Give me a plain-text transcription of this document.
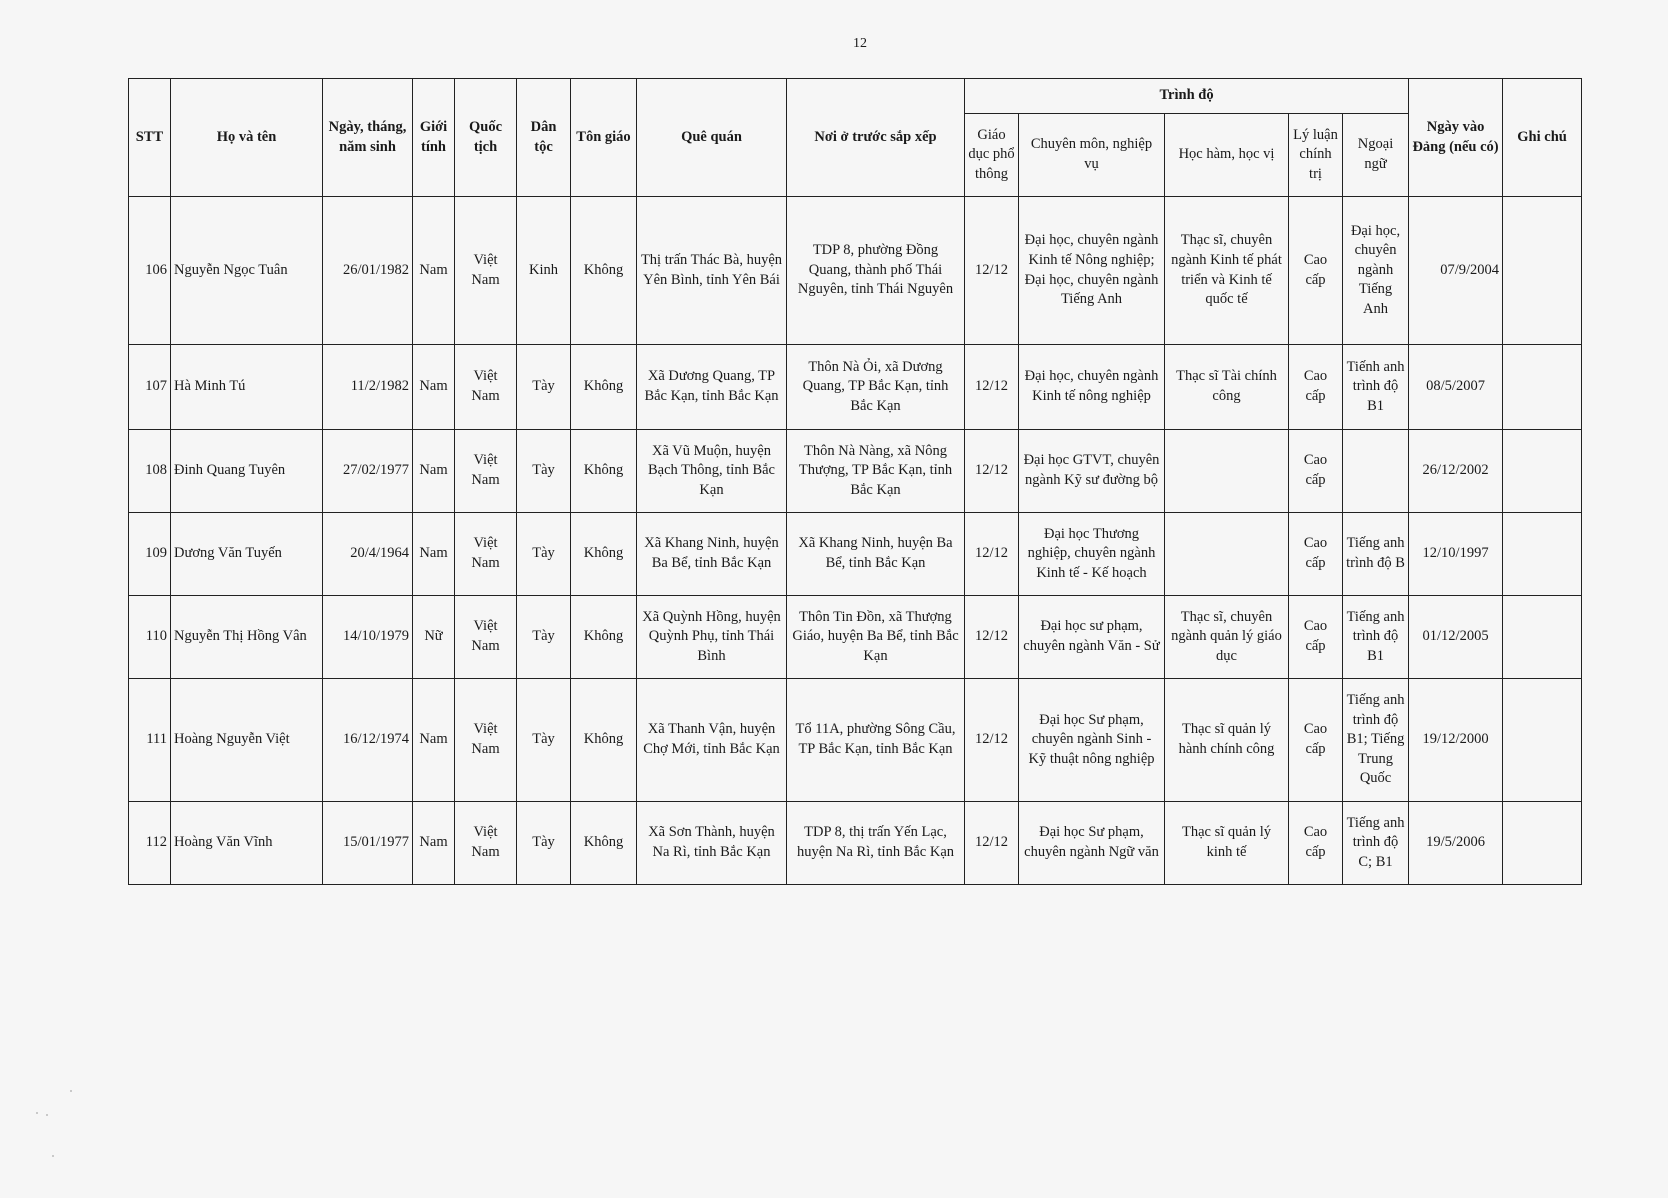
12
STT	Họ và tên	Ngày, tháng, năm sinh	Giới tính	Quốc tịch	Dân tộc	Tôn giáo	Quê quán	Nơi ở trước sắp xếp	Trình độ					Ngày vào Đảng (nếu có)	Ghi chú
									Giáo dục phổ thông	Chuyên môn, nghiệp vụ	Học hàm, học vị	Lý luận chính trị	Ngoại ngữ		
106	Nguyễn Ngọc Tuân	26/01/1982	Nam	Việt Nam	Kinh	Không	Thị trấn Thác Bà, huyện Yên Bình, tỉnh Yên Bái	TDP 8, phường Đồng Quang, thành phố Thái Nguyên, tỉnh Thái Nguyên	12/12	Đại học, chuyên ngành Kinh tế Nông nghiệp; Đại học, chuyên ngành Tiếng Anh	Thạc sĩ, chuyên ngành Kinh tế phát triển và Kinh tế quốc tế	Cao cấp	Đại học, chuyên ngành Tiếng Anh	07/9/2004	
107	Hà Minh Tú	11/2/1982	Nam	Việt Nam	Tày	Không	Xã Dương Quang, TP Bắc Kạn, tỉnh Bắc Kạn	Thôn Nà Ỏi, xã Dương Quang, TP Bắc Kạn, tỉnh Bắc Kạn	12/12	Đại học, chuyên ngành Kinh tế nông nghiệp	Thạc sĩ Tài chính công	Cao cấp	Tiếnh anh trình độ B1	08/5/2007	
108	Đinh Quang Tuyên	27/02/1977	Nam	Việt Nam	Tày	Không	Xã Vũ Muộn, huyện Bạch Thông, tỉnh Bắc Kạn	Thôn Nà Nàng, xã Nông Thượng, TP Bắc Kạn, tỉnh Bắc Kạn	12/12	Đại học GTVT, chuyên ngành Kỹ sư đường bộ		Cao cấp		26/12/2002	
109	Dương Văn Tuyến	20/4/1964	Nam	Việt Nam	Tày	Không	Xã Khang Ninh, huyện Ba Bể, tỉnh Bắc Kạn	Xã Khang Ninh, huyện Ba Bể, tỉnh Bắc Kạn	12/12	Đại học Thương nghiệp, chuyên ngành Kinh tế - Kế hoạch		Cao cấp	Tiếng anh trình độ B	12/10/1997	
110	Nguyễn Thị Hồng Vân	14/10/1979	Nữ	Việt Nam	Tày	Không	Xã Quỳnh Hồng, huyện Quỳnh Phụ, tỉnh Thái Bình	Thôn Tin Đồn, xã Thượng Giáo, huyện Ba Bể, tỉnh Bắc Kạn	12/12	Đại học sư phạm, chuyên ngành Văn - Sử	Thạc sĩ, chuyên ngành quản lý giáo dục	Cao cấp	Tiếng anh trình độ B1	01/12/2005	
111	Hoàng Nguyễn Việt	16/12/1974	Nam	Việt Nam	Tày	Không	Xã Thanh Vận, huyện Chợ Mới, tỉnh Bắc Kạn	Tổ 11A, phường Sông Cầu, TP Bắc Kạn, tỉnh Bắc Kạn	12/12	Đại học Sư phạm, chuyên ngành Sinh - Kỹ thuật nông nghiệp	Thạc sĩ quản lý hành chính công	Cao cấp	Tiếng anh trình độ B1; Tiếng Trung Quốc	19/12/2000	
112	Hoàng Văn Vĩnh	15/01/1977	Nam	Việt Nam	Tày	Không	Xã Sơn Thành, huyện Na Rì, tỉnh Bắc Kạn	TDP 8, thị trấn Yến Lạc, huyện Na Rì, tỉnh Bắc Kạn	12/12	Đại học Sư phạm, chuyên ngành Ngữ văn	Thạc sĩ quản lý kinh tế	Cao cấp	Tiếng anh trình độ C; B1	19/5/2006	
